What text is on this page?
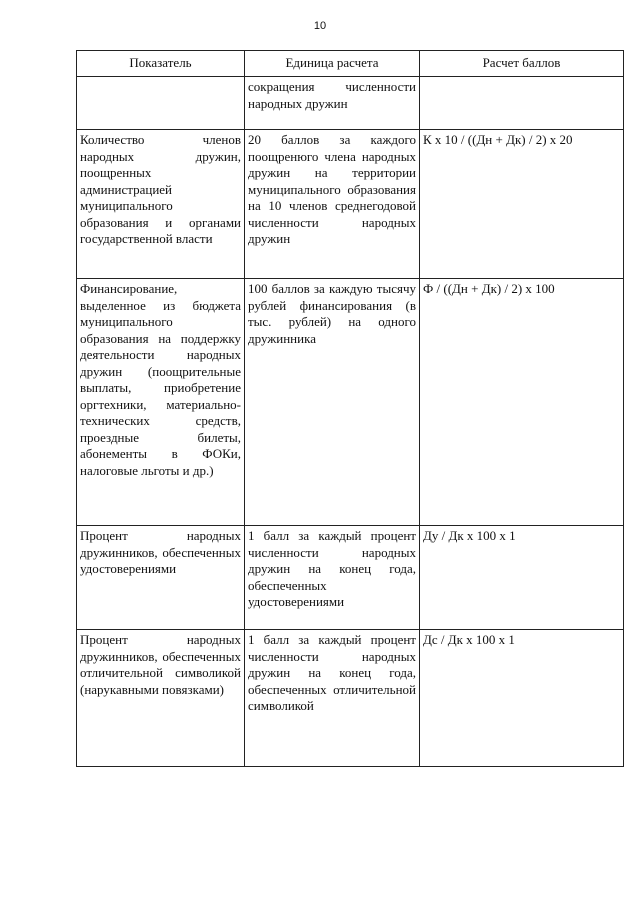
10
Показатель	Единица расчета	Расчет баллов
	сокращения численности народных дружин	
Количество членов народных дружин, поощренных администрацией муниципального образования и органами государственной власти	20 баллов за каждого поощренюго члена народных дружин на территории муниципального образования на 10 членов среднегодовой численности народных дружин	К х 10 / ((Дн + Дк) / 2) х 20
Финансирование, выделенное из бюджета муниципального образования на поддержку деятельности народных дружин (поощрительные выплаты, приобретение оргтехники, материально-технических средств, проездные билеты, абонементы в ФОКи, налоговые льготы и др.)	100 баллов за каждую тысячу рублей финансирования (в тыс. рублей) на одного дружинника	Ф / ((Дн + Дк) / 2) х 100
Процент народных дружинников, обеспеченных удостоверениями	1 балл за каждый процент численности народных дружин на конец года, обеспеченных удостоверениями	Ду / Дк х 100 х 1
Процент народных дружинников, обеспеченных отличительной символикой (нарукавными повязками)	1 балл за каждый процент численности народных дружин на конец года, обеспеченных отличительной символикой	Дс / Дк х 100 х 1
